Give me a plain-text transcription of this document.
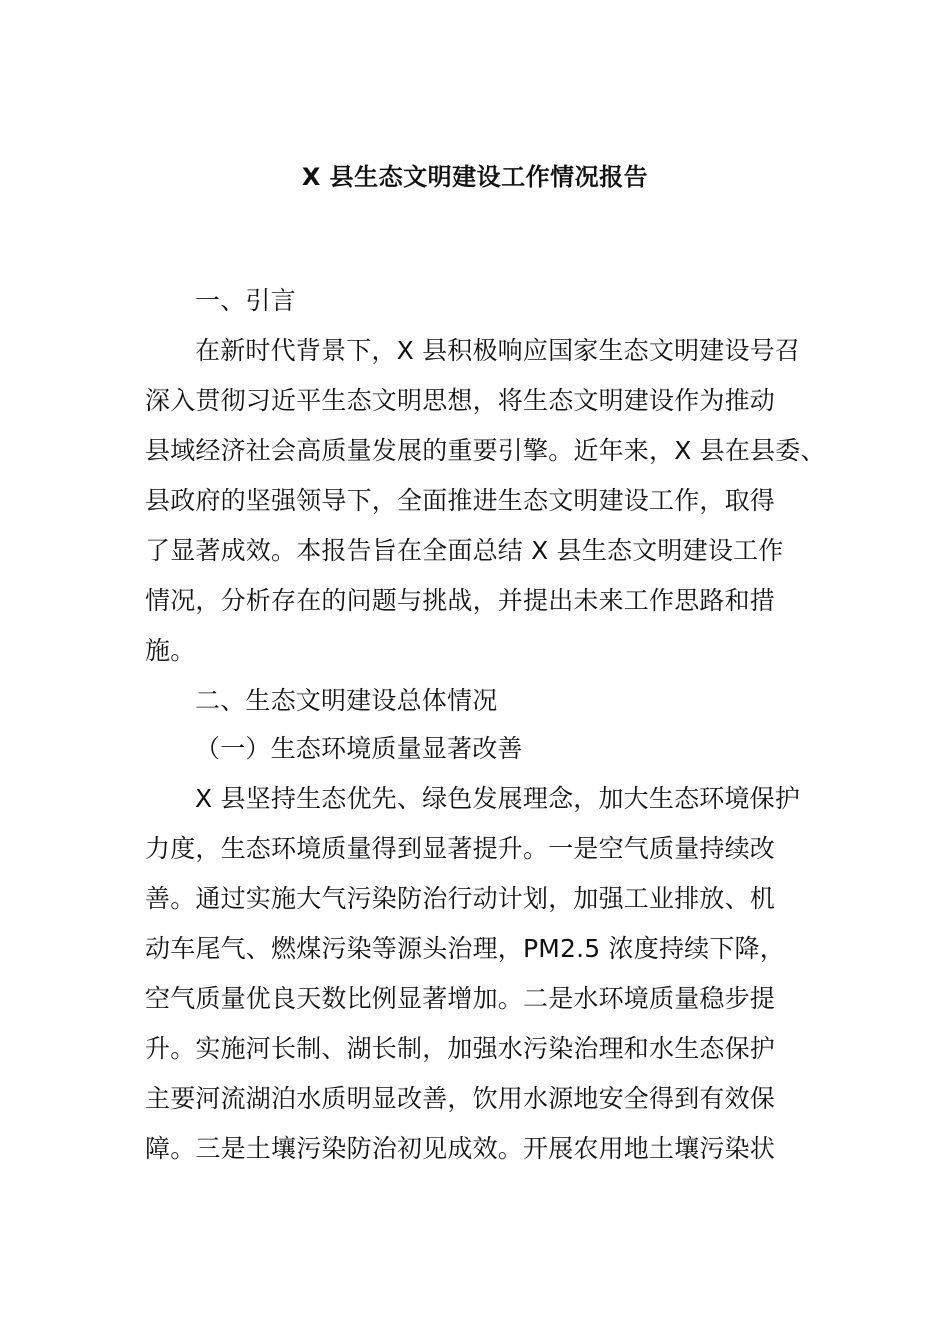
X 县生态文明建设工作情况报告
一、引言
在新时代背景下，X 县积极响应国家生态文明建设号召
深入贯彻习近平生态文明思想，将生态文明建设作为推动
县域经济社会高质量发展的重要引擎。近年来，X 县在县委、
县政府的坚强领导下，全面推进生态文明建设工作，取得
了显著成效。本报告旨在全面总结 X 县生态文明建设工作
情况，分析存在的问题与挑战，并提出未来工作思路和措
施。
二、生态文明建设总体情况
（一）生态环境质量显著改善
X 县坚持生态优先、绿色发展理念，加大生态环境保护
力度，生态环境质量得到显著提升。一是空气质量持续改
善。通过实施大气污染防治行动计划，加强工业排放、机
动车尾气、燃煤污染等源头治理，PM2.5 浓度持续下降，
空气质量优良天数比例显著增加。二是水环境质量稳步提
升。实施河长制、湖长制，加强水污染治理和水生态保护
主要河流湖泊水质明显改善，饮用水源地安全得到有效保
障。三是土壤污染防治初见成效。开展农用地土壤污染状
